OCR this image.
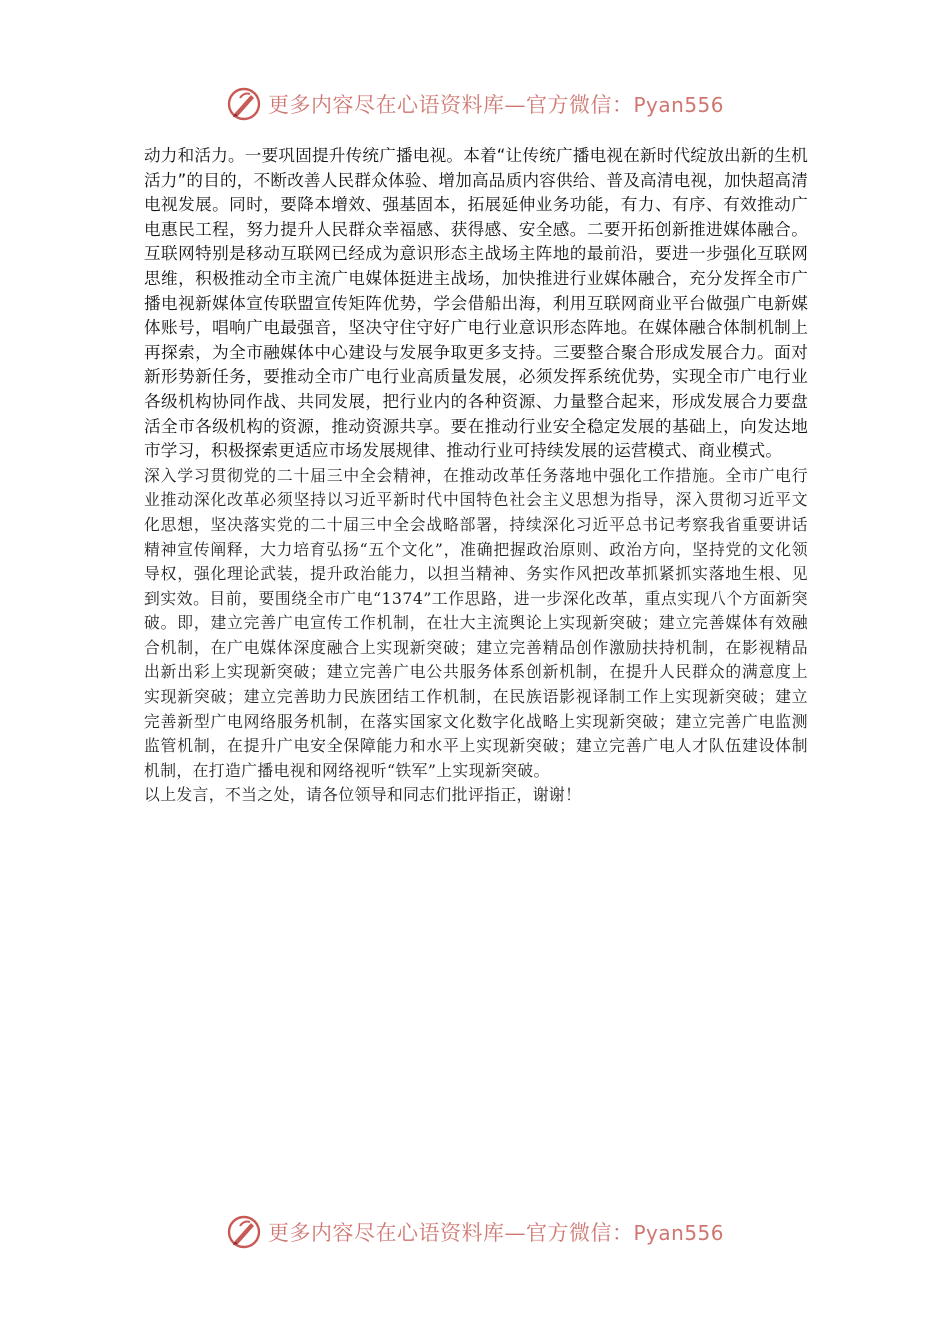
更多内容尽在心语资料库—官方微信：Pyan556

动力和活力。一要巩固提升传统广播电视。本着“让传统广播电视在新时代绽放出新的生机活力”的目的，不断改善人民群众体验、增加高品质内容供给、普及高清电视，加快超高清电视发展。同时，要降本增效、强基固本，拓展延伸业务功能，有力、有序、有效推动广电惠民工程，努力提升人民群众幸福感、获得感、安全感。二要开拓创新推进媒体融合。互联网特别是移动互联网已经成为意识形态主战场主阵地的最前沿，要进一步强化互联网思维，积极推动全市主流广电媒体挺进主战场，加快推进行业媒体融合，充分发挥全市广播电视新媒体宣传联盟宣传矩阵优势，学会借船出海，利用互联网商业平台做强广电新媒体账号，唱响广电最强音，坚决守住守好广电行业意识形态阵地。在媒体融合体制机制上再探索，为全市融媒体中心建设与发展争取更多支持。三要整合聚合形成发展合力。面对新形势新任务，要推动全市广电行业高质量发展，必须发挥系统优势，实现全市广电行业各级机构协同作战、共同发展，把行业内的各种资源、力量整合起来，形成发展合力要盘活全市各级机构的资源，推动资源共享。要在推动行业安全稳定发展的基础上，向发达地市学习，积极探索更适应市场发展规律、推动行业可持续发展的运营模式、商业模式。

深入学习贯彻党的二十届三中全会精神，在推动改革任务落地中强化工作措施。全市广电行业推动深化改革必须坚持以习近平新时代中国特色社会主义思想为指导，深入贯彻习近平文化思想，坚决落实党的二十届三中全会战略部署，持续深化习近平总书记考察我省重要讲话精神宣传阐释，大力培育弘扬“五个文化”，准确把握政治原则、政治方向，坚持党的文化领导权，强化理论武装，提升政治能力，以担当精神、务实作风把改革抓紧抓实落地生根、见到实效。目前，要围绕全市广电“1374”工作思路，进一步深化改革，重点实现八个方面新突破。即，建立完善广电宣传工作机制，在壮大主流舆论上实现新突破；建立完善媒体有效融合机制，在广电媒体深度融合上实现新突破；建立完善精品创作激励扶持机制，在影视精品出新出彩上实现新突破；建立完善广电公共服务体系创新机制，在提升人民群众的满意度上实现新突破；建立完善助力民族团结工作机制，在民族语影视译制工作上实现新突破；建立完善新型广电网络服务机制，在落实国家文化数字化战略上实现新突破；建立完善广电监测监管机制，在提升广电安全保障能力和水平上实现新突破；建立完善广电人才队伍建设体制机制，在打造广播电视和网络视听“铁军”上实现新突破。

以上发言，不当之处，请各位领导和同志们批评指正，谢谢！

更多内容尽在心语资料库—官方微信：Pyan556
